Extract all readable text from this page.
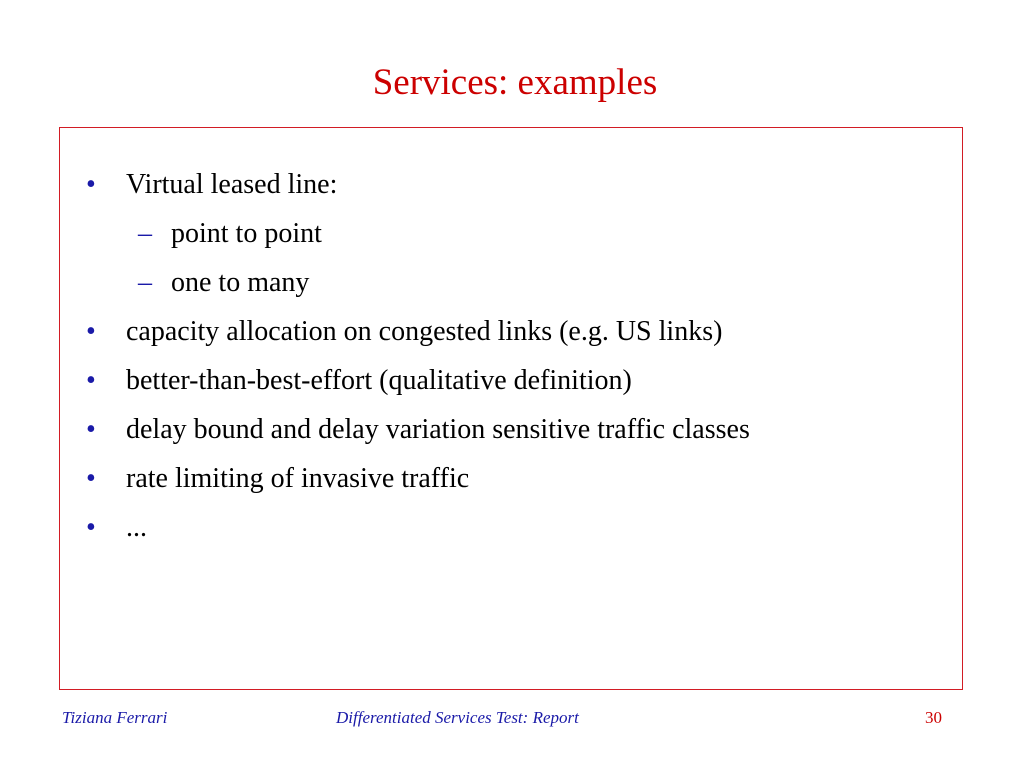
Services: examples
• Virtual leased line:
– point to point
– one to many
• capacity allocation on congested links (e.g. US links)
• better-than-best-effort (qualitative definition)
• delay bound and delay variation sensitive traffic classes
• rate limiting of invasive traffic
• ...
Tiziana Ferrari	Differentiated Services Test: Report	30
